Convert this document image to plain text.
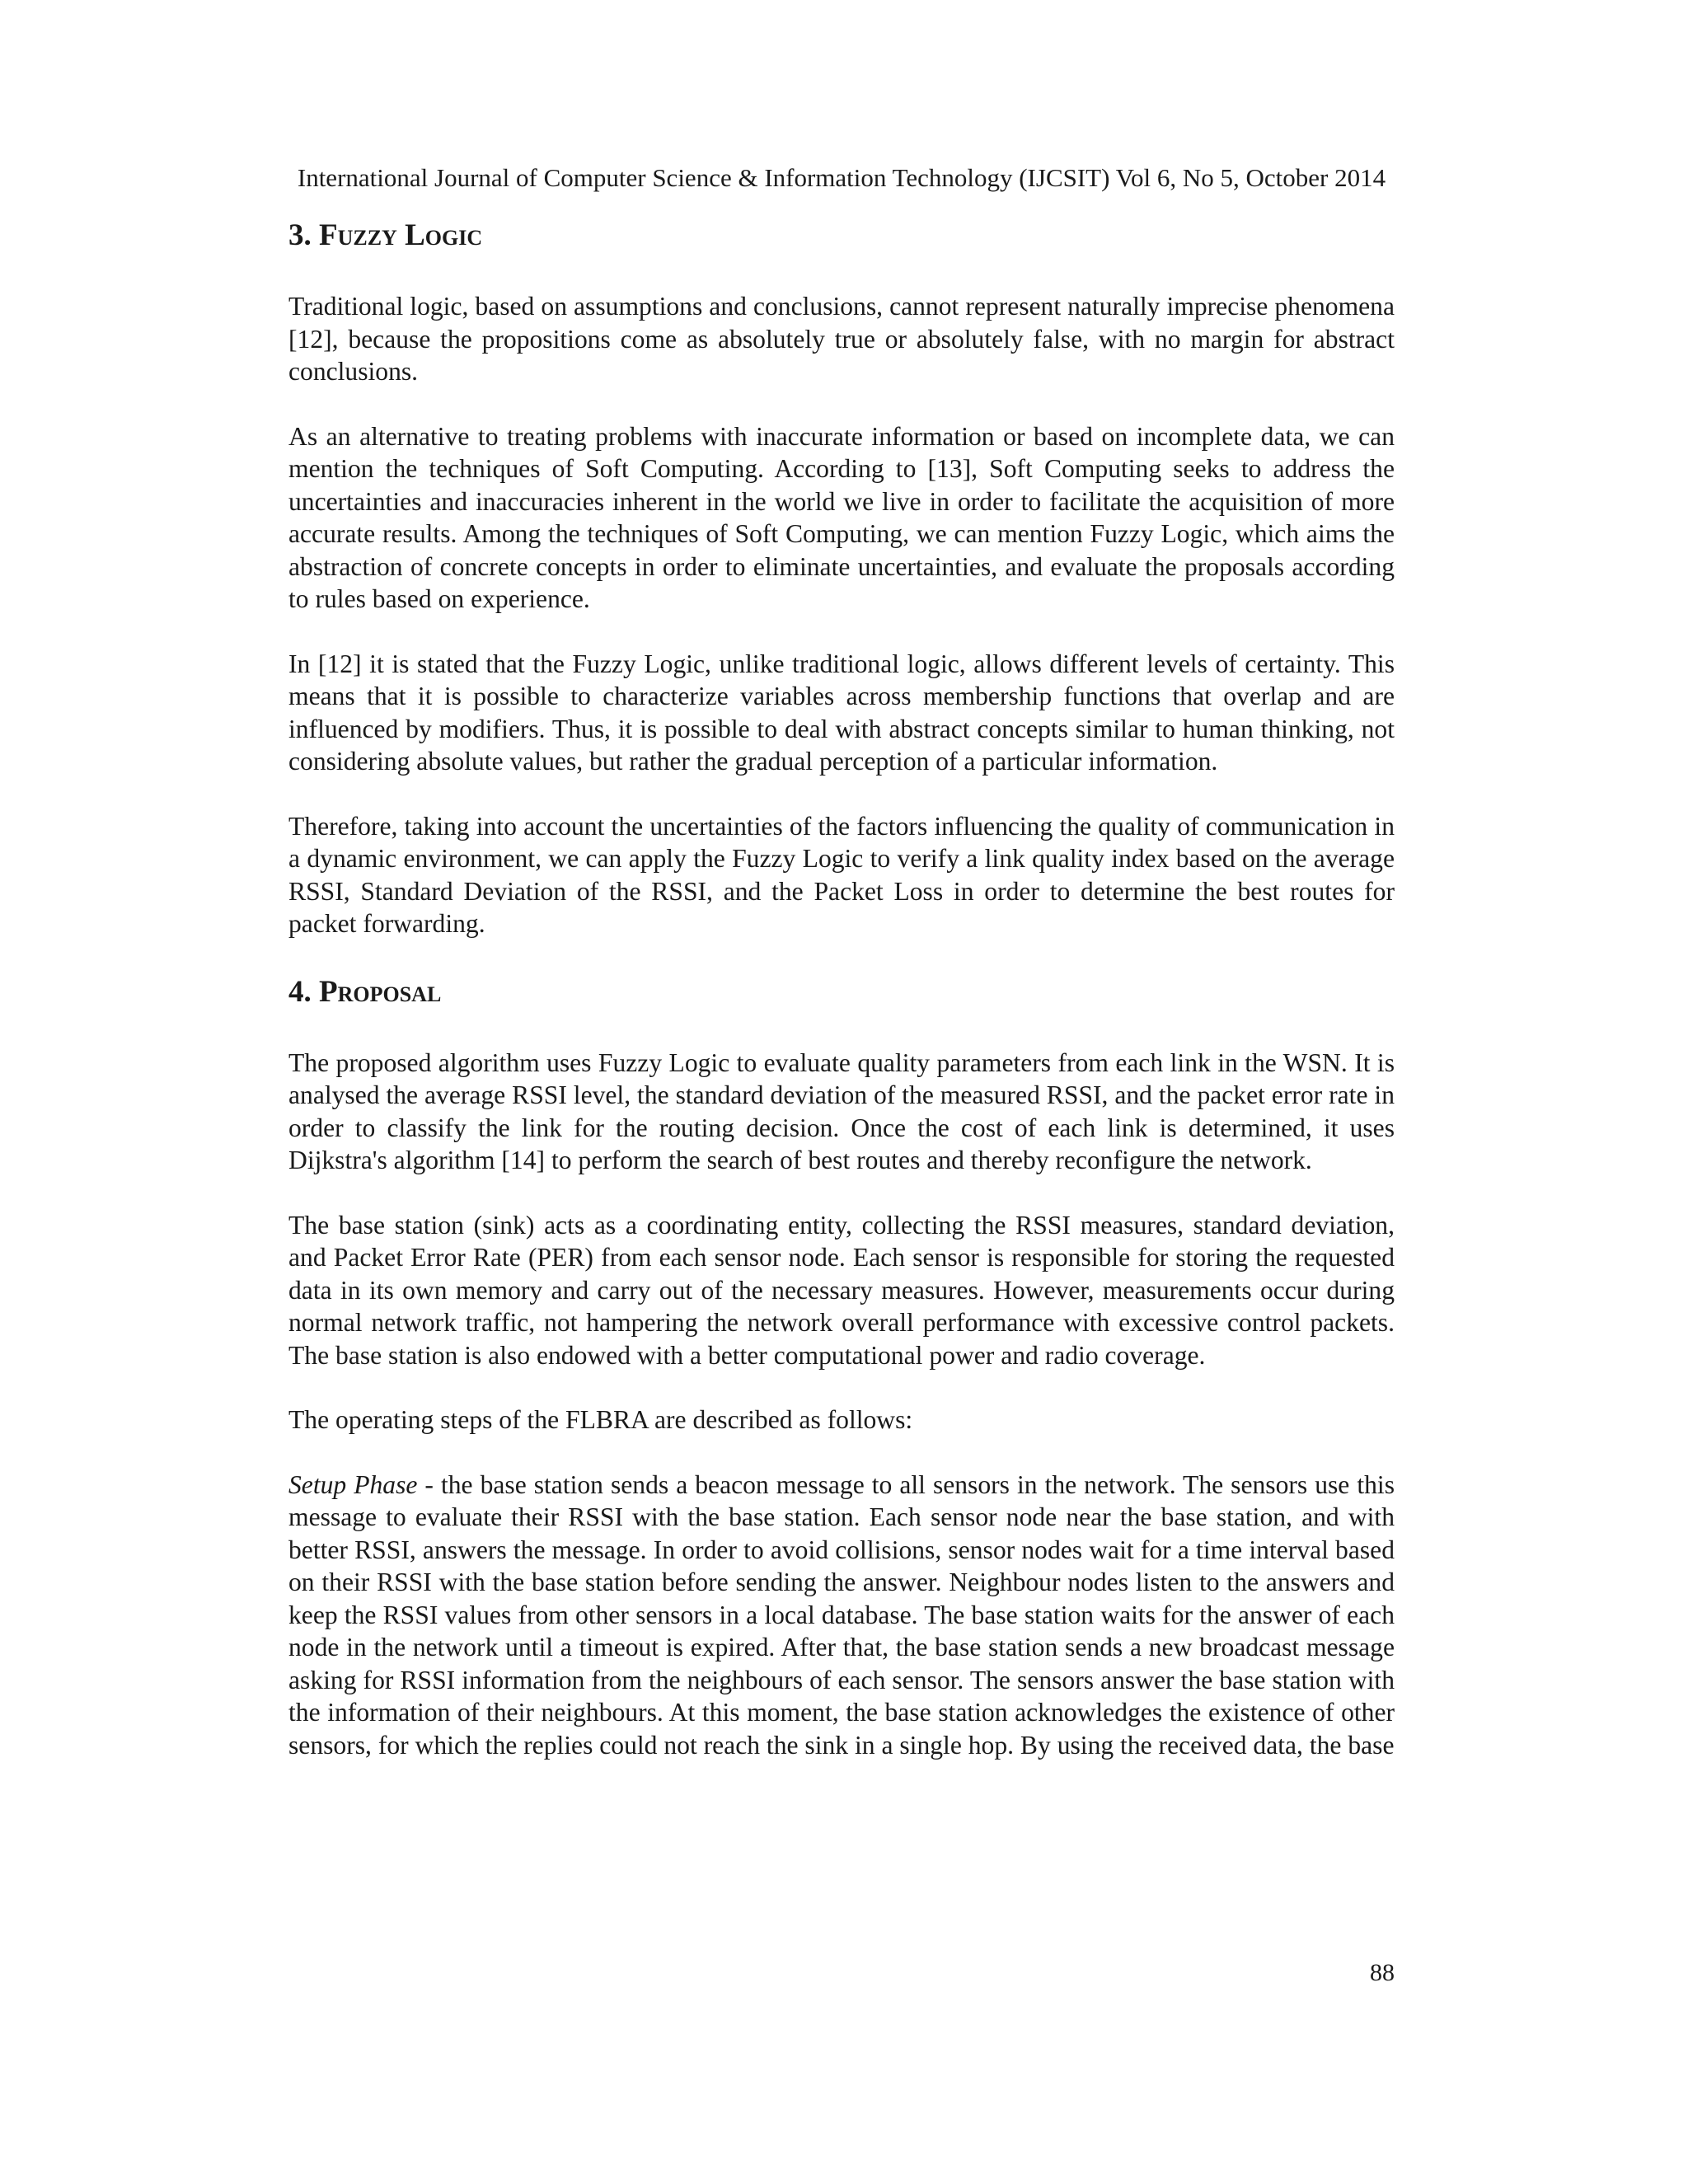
International Journal of Computer Science & Information Technology (IJCSIT) Vol 6, No 5, October 2014
3. Fuzzy Logic

Traditional logic, based on assumptions and conclusions, cannot represent naturally imprecise phenomena [12], because the propositions come as absolutely true or absolutely false, with no margin for abstract conclusions.

As an alternative to treating problems with inaccurate information or based on incomplete data, we can mention the techniques of Soft Computing. According to [13], Soft Computing seeks to address the uncertainties and inaccuracies inherent in the world we live in order to facilitate the acquisition of more accurate results. Among the techniques of Soft Computing, we can mention Fuzzy Logic, which aims the abstraction of concrete concepts in order to eliminate uncertainties, and evaluate the proposals according to rules based on experience.

In [12] it is stated that the Fuzzy Logic, unlike traditional logic, allows different levels of certainty. This means that it is possible to characterize variables across membership functions that overlap and are influenced by modifiers. Thus, it is possible to deal with abstract concepts similar to human thinking, not considering absolute values, but rather the gradual perception of a particular information.

Therefore, taking into account the uncertainties of the factors influencing the quality of communication in a dynamic environment, we can apply the Fuzzy Logic to verify a link quality index based on the average RSSI, Standard Deviation of the RSSI, and the Packet Loss in order to determine the best routes for packet forwarding.

4. Proposal

The proposed algorithm uses Fuzzy Logic to evaluate quality parameters from each link in the WSN. It is analysed the average RSSI level, the standard deviation of the measured RSSI, and the packet error rate in order to classify the link for the routing decision. Once the cost of each link is determined, it uses Dijkstra's algorithm [14] to perform the search of best routes and thereby reconfigure the network.

The base station (sink) acts as a coordinating entity, collecting the RSSI measures, standard deviation, and Packet Error Rate (PER) from each sensor node. Each sensor is responsible for storing the requested data in its own memory and carry out of the necessary measures. However, measurements occur during normal network traffic, not hampering the network overall performance with excessive control packets. The base station is also endowed with a better computational power and radio coverage.

The operating steps of the FLBRA are described as follows:

Setup Phase - the base station sends a beacon message to all sensors in the network. The sensors use this message to evaluate their RSSI with the base station. Each sensor node near the base station, and with better RSSI, answers the message. In order to avoid collisions, sensor nodes wait for a time interval based on their RSSI with the base station before sending the answer. Neighbour nodes listen to the answers and keep the RSSI values from other sensors in a local database. The base station waits for the answer of each node in the network until a timeout is expired. After that, the base station sends a new broadcast message asking for RSSI information from the neighbours of each sensor. The sensors answer the base station with the information of their neighbours. At this moment, the base station acknowledges the existence of other sensors, for which the replies could not reach the sink in a single hop. By using the received data, the base

88
